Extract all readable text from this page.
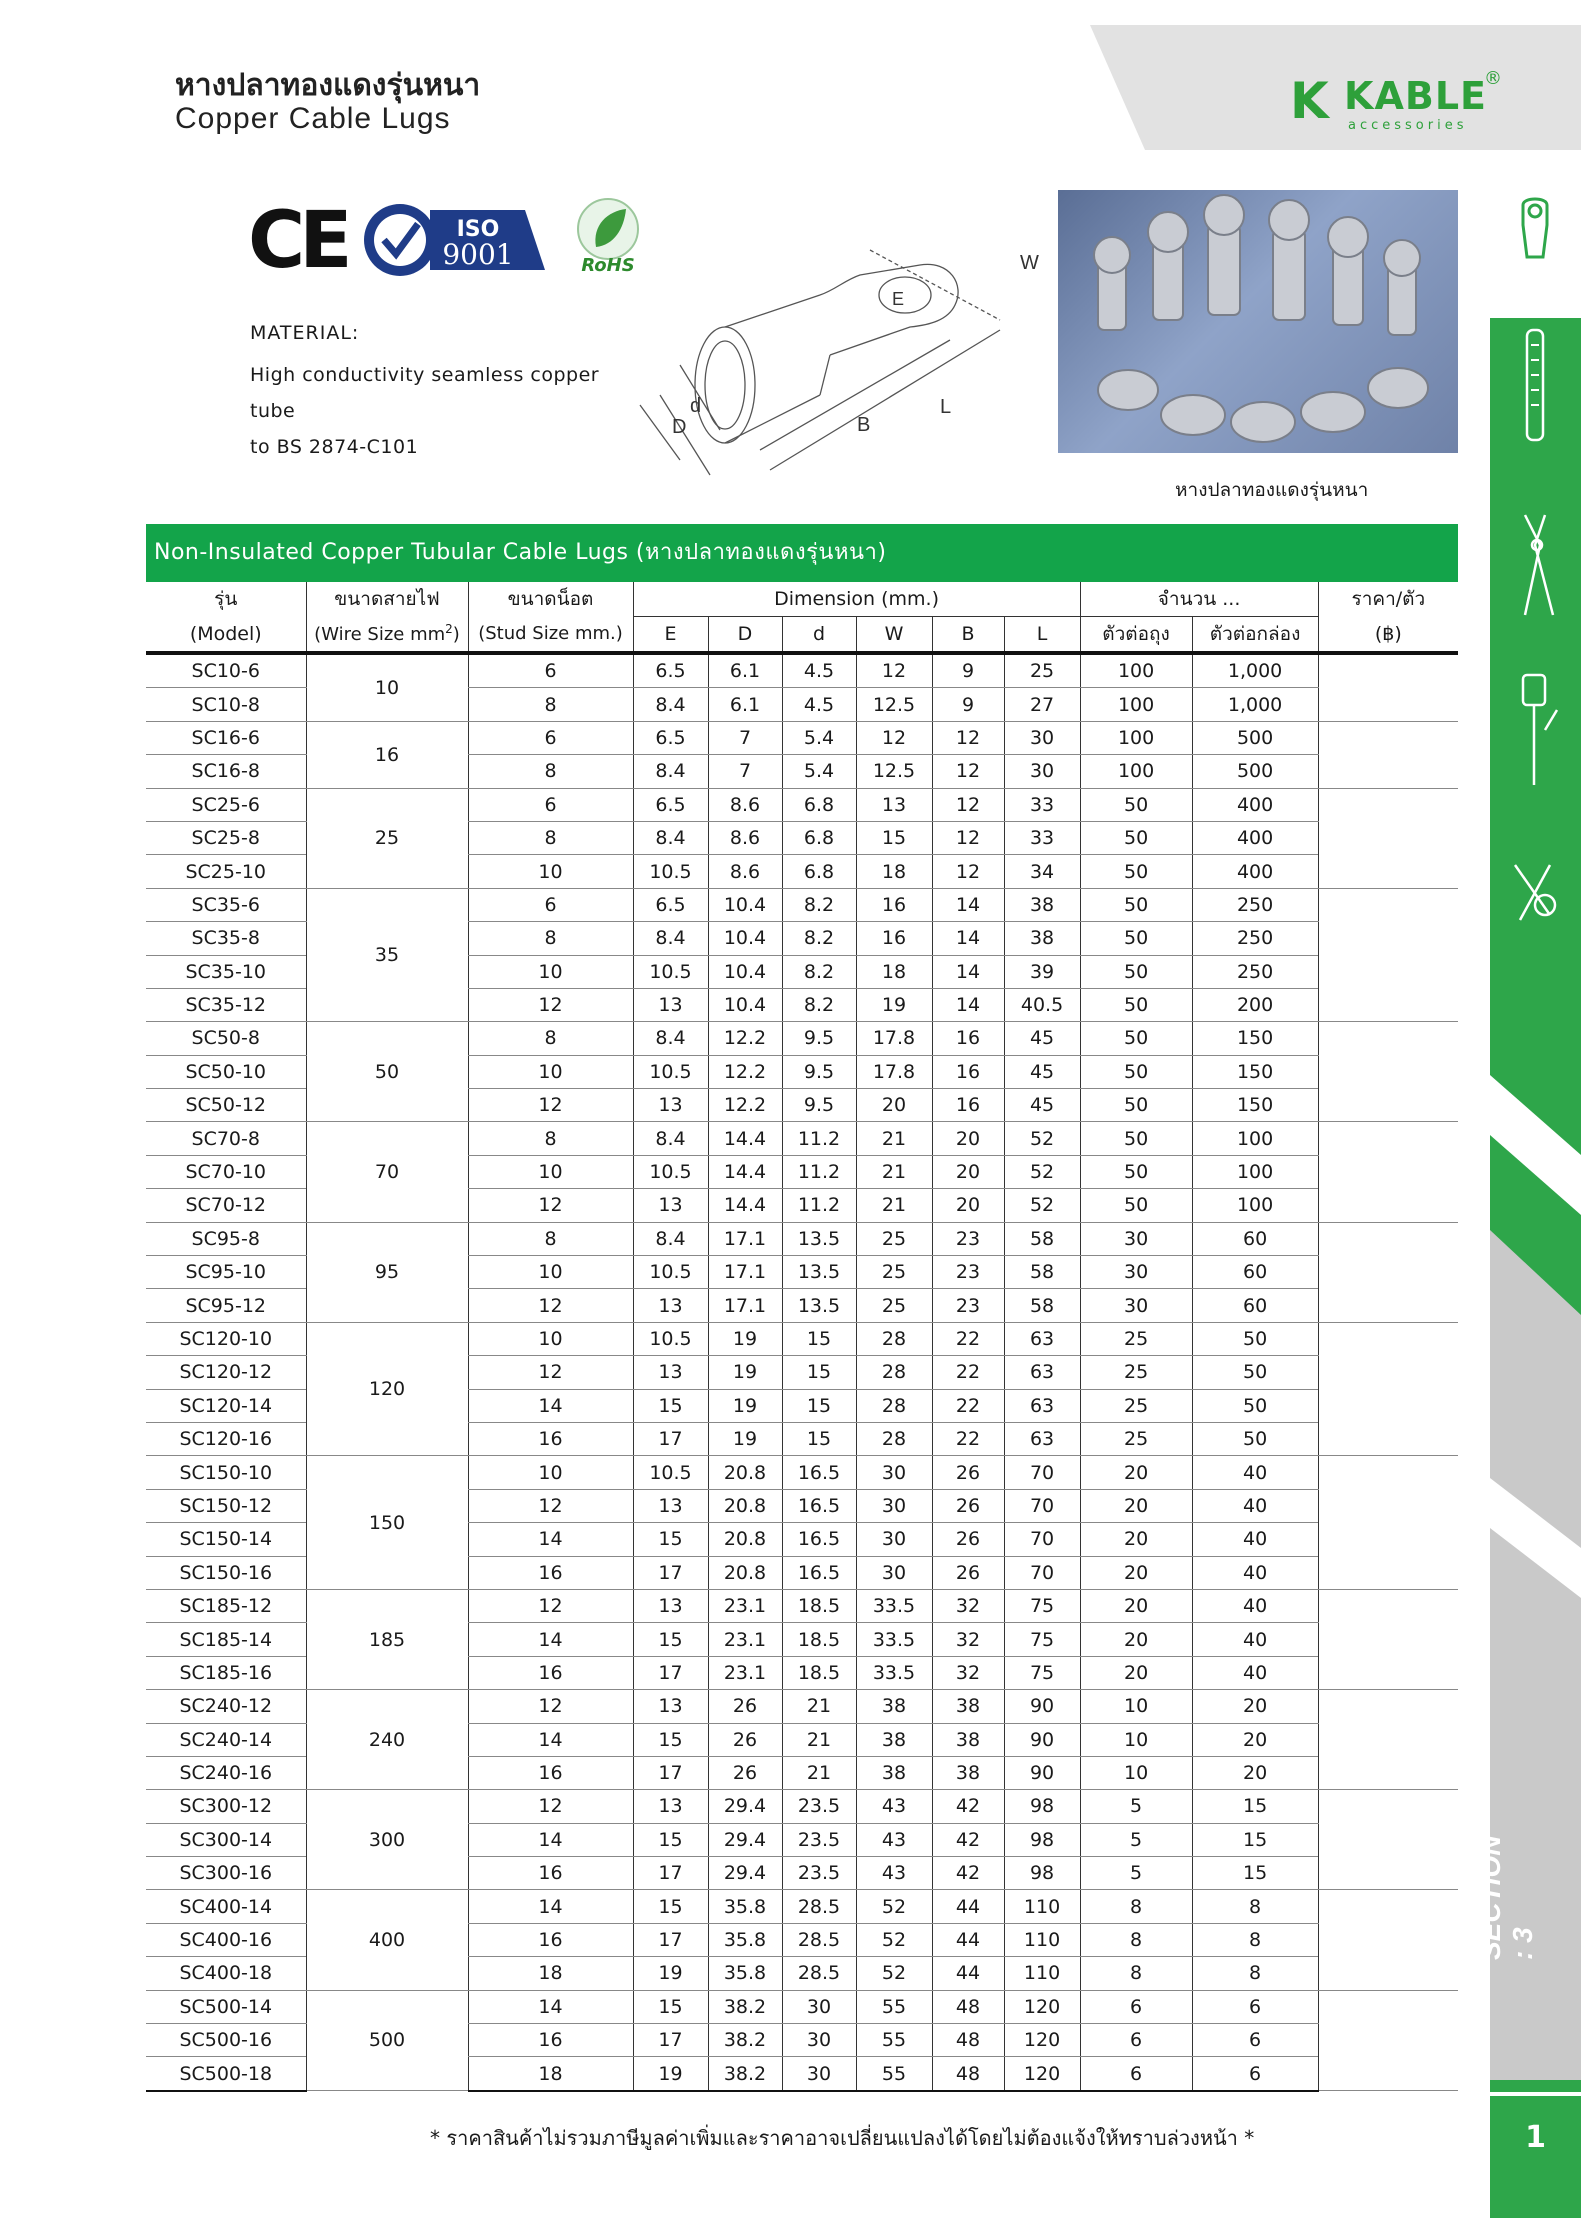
หางปลาทองแดงรุ่นหนา
Copper Cable Lugs	K KABLE
®
accessories
CE	ISO
9001	RoHS
MATERIAL:
High conductivity seamless copper tube
to BS 2874-C101
W
E
d
D	B
L
หางปลาทองแดงรุ่นหนา
Non-Insulated Copper Tubular Cable Lugs (หางปลาทองแดงรุ่นหนา)
รุ่น	ขนาดสายไฟ	ขนาดน็อต	Dimension (mm.)						จำนวน ...		ราคา/ตัว
(Model)	(Wire Size $mm^2$)	(Stud Size mm.)	E	D	d	W	B	L	ตัวต่อถุง	ตัวต่อกล่อง	(฿)
SC10-6	10	6	6.5	6.1	4.5	12	9	25	100	1,000	
SC10-8		8	8.4	6.1	4.5	12.5	9	27	100	1,000	
SC16-6	16	6	6.5	7	5.4	12	12	30	100	500	
SC16-8		8	8.4	7	5.4	12.5	12	30	100	500	
SC25-6	25	6	6.5	8.6	6.8	13	12	33	50	400	
SC25-8		8	8.4	8.6	6.8	15	12	33	50	400	
SC25-10		10	10.5	8.6	6.8	18	12	34	50	400	
SC35-6	35	6	6.5	10.4	8.2	16	14	38	50	250	
SC35-8		8	8.4	10.4	8.2	16	14	38	50	250	
SC35-10		10	10.5	10.4	8.2	18	14	39	50	250	
SC35-12		12	13	10.4	8.2	19	14	40.5	50	200	
SC50-8	50	8	8.4	12.2	9.5	17.8	16	45	50	150	
SC50-10		10	10.5	12.2	9.5	17.8	16	45	50	150	
SC50-12		12	13	12.2	9.5	20	16	45	50	150	
SC70-8	70	8	8.4	14.4	11.2	21	20	52	50	100	
SC70-10		10	10.5	14.4	11.2	21	20	52	50	100	
SC70-12		12	13	14.4	11.2	21	20	52	50	100	
SC95-8	95	8	8.4	17.1	13.5	25	23	58	30	60	
SC95-10		10	10.5	17.1	13.5	25	23	58	30	60	
SC95-12		12	13	17.1	13.5	25	23	58	30	60	
SC120-10	120	10	10.5	19	15	28	22	63	25	50	
SC120-12		12	13	19	15	28	22	63	25	50	
SC120-14		14	15	19	15	28	22	63	25	50	
SC120-16		16	17	19	15	28	22	63	25	50	
SC150-10	150	10	10.5	20.8	16.5	30	26	70	20	40	
SC150-12		12	13	20.8	16.5	30	26	70	20	40	
SC150-14		14	15	20.8	16.5	30	26	70	20	40	
SC150-16		16	17	20.8	16.5	30	26	70	20	40	
SC185-12	185	12	13	23.1	18.5	33.5	32	75	20	40	
SC185-14		14	15	23.1	18.5	33.5	32	75	20	40	
SC185-16		16	17	23.1	18.5	33.5	32	75	20	40	
SC240-12	240	12	13	26	21	38	38	90	10	20	
SC240-14		14	15	26	21	38	38	90	10	20	
SC240-16		16	17	26	21	38	38	90	10	20	
SC300-12	300	12	13	29.4	23.5	43	42	98	5	15	
SC300-14		14	15	29.4	23.5	43	42	98	5	15	
SC300-16		16	17	29.4	23.5	43	42	98	5	15	
SC400-14	400	14	15	35.8	28.5	52	44	110	8	8	
SC400-16		16	17	35.8	28.5	52	44	110	8	8	
SC400-18		18	19	35.8	28.5	52	44	110	8	8	
SC500-14	500	14	15	38.2	30	55	48	120	6	6	
SC500-16		16	17	38.2	30	55	48	120	6	6	
SC500-18		18	19	38.2	30	55	48	120	6	6	
* ราคาสินค้าไม่รวมภาษีมูลค่าเพิ่มและราคาอาจเปลี่ยนแปลงได้โดยไม่ต้องแจ้งให้ทราบล่วงหน้า *
SECTION : 3
1
